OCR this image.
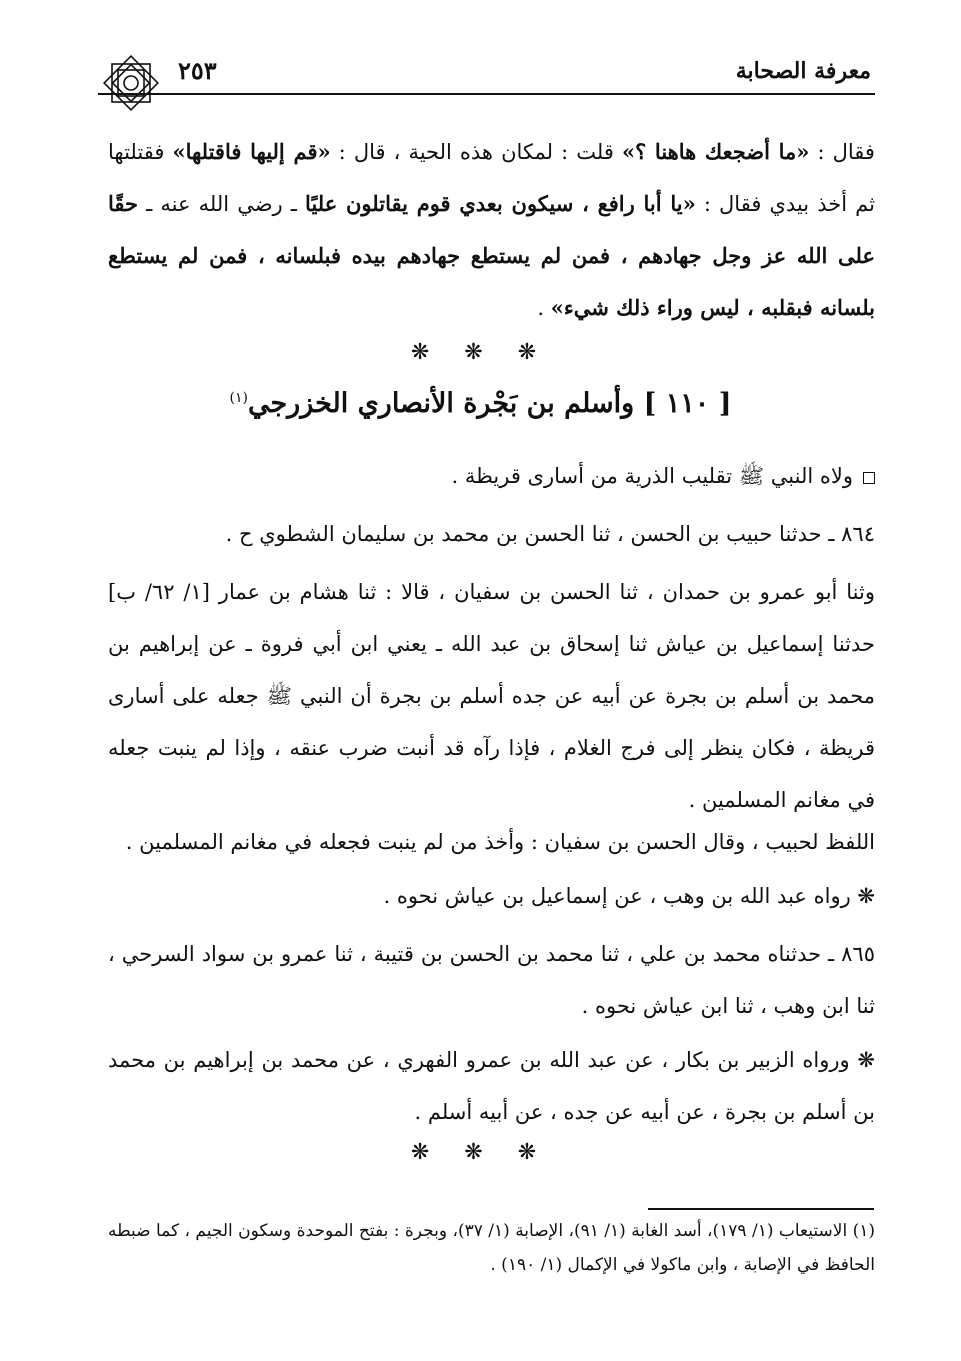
معرفة الصحابة
٢٥٣
فقال : «ما أضجعك هاهنا ؟» قلت : لمكان هذه الحية ، قال : «قم إليها فاقتلها» فقتلتها ثم أخذ بيدي فقال : «يا أبا رافع ، سيكون بعدي قوم يقاتلون عليًا ـ رضي الله عنه ـ حقًا على الله عز وجل جهادهم ، فمن لم يستطع جهادهم بيده فبلسانه ، فمن لم يستطع بلسانه فبقلبه ، ليس وراء ذلك شيء» .
❋ ❋ ❋
[ ١١٠ ] وأسلم بن بَجْرة الأنصاري الخزرجي$^{(١)}$
ولاه النبي ﷺ تقليب الذرية من أسارى قريظة .
٨٦٤ ـ حدثنا حبيب بن الحسن ، ثنا الحسن بن محمد بن سليمان الشطوي ح .
وثنا أبو عمرو بن حمدان ، ثنا الحسن بن سفيان ، قالا : ثنا هشام بن عمار [١/ ٦٢/ ب] حدثنا إسماعيل بن عياش ثنا إسحاق بن عبد الله ـ يعني ابن أبي فروة ـ عن إبراهيم بن محمد بن أسلم بن بجرة عن أبيه عن جده أسلم بن بجرة أن النبي ﷺ جعله على أسارى قريظة ، فكان ينظر إلى فرج الغلام ، فإذا رآه قد أنبت ضرب عنقه ، وإذا لم ينبت جعله في مغانم المسلمين .
اللفظ لحبيب ، وقال الحسن بن سفيان : وأخذ من لم ينبت فجعله في مغانم المسلمين .
❋ رواه عبد الله بن وهب ، عن إسماعيل بن عياش نحوه .
٨٦٥ ـ حدثناه محمد بن علي ، ثنا محمد بن الحسن بن قتيبة ، ثنا عمرو بن سواد السرحي ، ثنا ابن وهب ، ثنا ابن عياش نحوه .
❋ ورواه الزبير بن بكار ، عن عبد الله بن عمرو الفهري ، عن محمد بن إبراهيم بن محمد بن أسلم بن بجرة ، عن أبيه عن جده ، عن أبيه أسلم .
❋ ❋ ❋
(١) الاستيعاب (١/ ١٧٩)، أسد الغابة (١/ ٩١)، الإصابة (١/ ٣٧)، وبجرة : بفتح الموحدة وسكون الجيم ، كما ضبطه الحافظ في الإصابة ، وابن ماكولا في الإكمال (١/ ١٩٠) .
